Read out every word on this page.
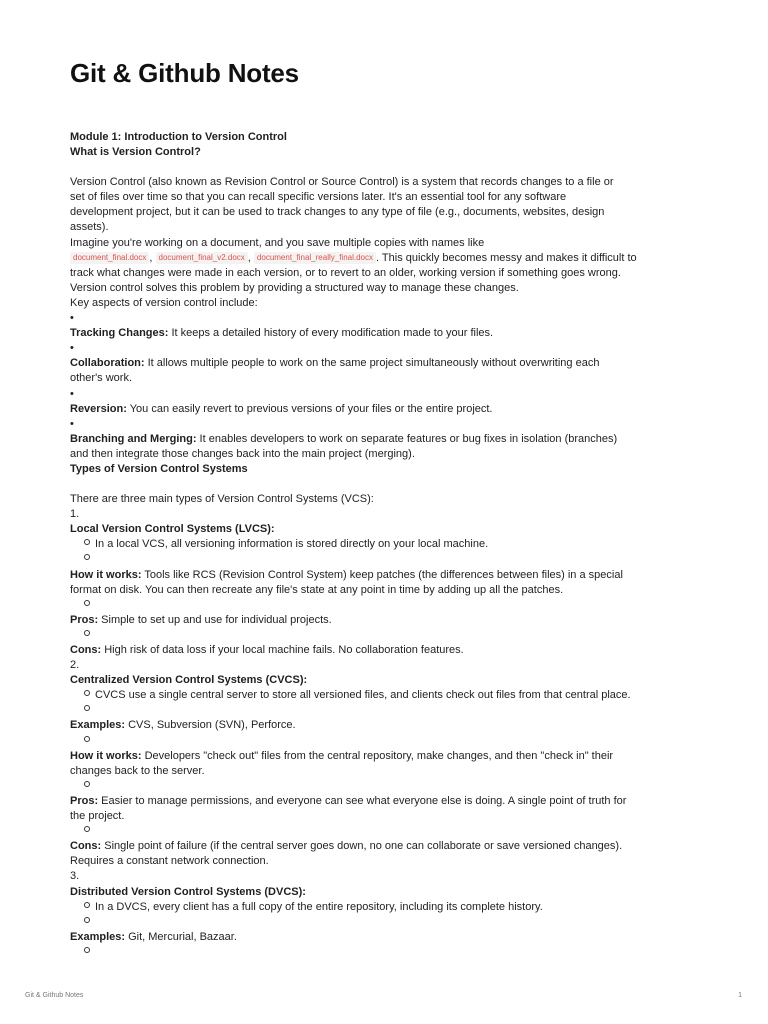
Git & Github Notes

Module 1: Introduction to Version Control

What is Version Control?

Version Control (also known as Revision Control or Source Control) is a system that records changes to a file or

set of files over time so that you can recall specific versions later. It's an essential tool for any software

development project, but it can be used to track changes to any type of file (e.g., documents, websites, design

assets).

Imagine you're working on a document, and you save multiple copies with names like

document_final.docx , document_final_v2.docx , document_final_really_final.docx . This quickly becomes messy and makes it difficult to

track what changes were made in each version, or to revert to an older, working version if something goes wrong.

Version control solves this problem by providing a structured way to manage these changes.

Key aspects of version control include:

•

Tracking Changes: It keeps a detailed history of every modification made to your files.

•

Collaboration: It allows multiple people to work on the same project simultaneously without overwriting each

other's work.

•

Reversion: You can easily revert to previous versions of your files or the entire project.

•

Branching and Merging: It enables developers to work on separate features or bug fixes in isolation (branches)

and then integrate those changes back into the main project (merging).

Types of Version Control Systems

There are three main types of Version Control Systems (VCS):

1.

Local Version Control Systems (LVCS):

In a local VCS, all versioning information is stored directly on your local machine.

How it works: Tools like RCS (Revision Control System) keep patches (the differences between files) in a special

format on disk. You can then recreate any file's state at any point in time by adding up all the patches.

Pros: Simple to set up and use for individual projects.

Cons: High risk of data loss if your local machine fails. No collaboration features.

2.

Centralized Version Control Systems (CVCS):

CVCS use a single central server to store all versioned files, and clients check out files from that central place.

Examples: CVS, Subversion (SVN), Perforce.

How it works: Developers "check out" files from the central repository, make changes, and then "check in" their

changes back to the server.

Pros: Easier to manage permissions, and everyone can see what everyone else is doing. A single point of truth for

the project.

Cons: Single point of failure (if the central server goes down, no one can collaborate or save versioned changes).

Requires a constant network connection.

3.

Distributed Version Control Systems (DVCS):

In a DVCS, every client has a full copy of the entire repository, including its complete history.

Examples: Git, Mercurial, Bazaar.

Git & Github Notes	1
